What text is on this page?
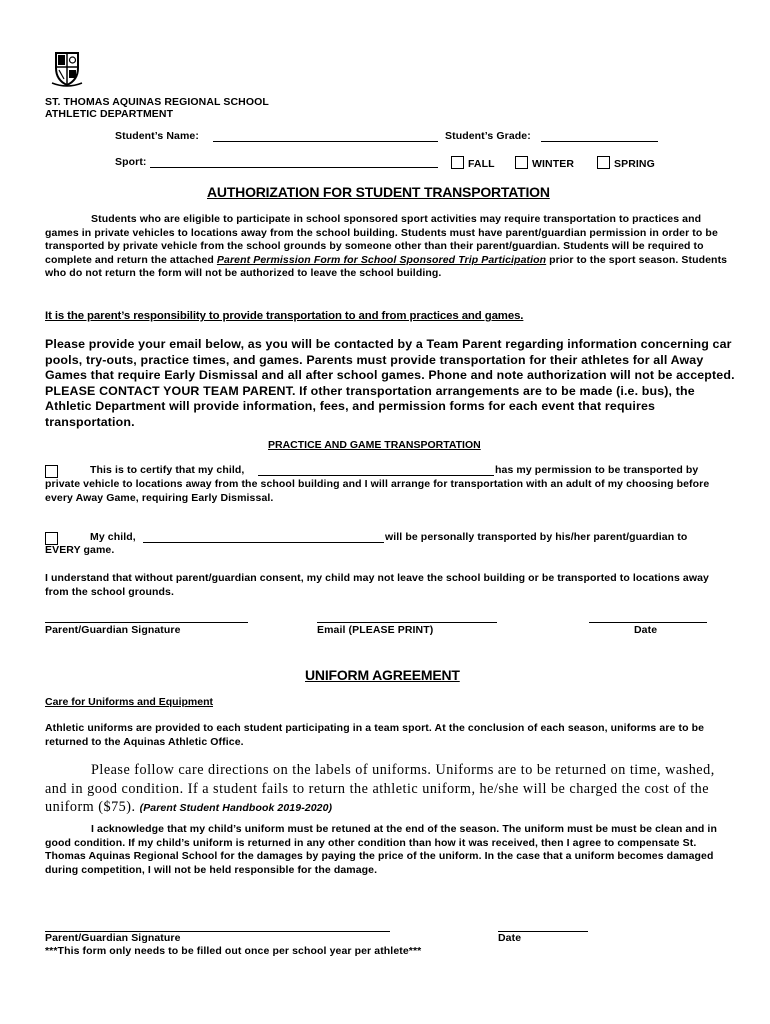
ST. THOMAS AQUINAS REGIONAL SCHOOL
ATHLETIC DEPARTMENT
Student’s Name:	Student’s Grade:
Sport:	FALL	WINTER	SPRING
AUTHORIZATION FOR STUDENT TRANSPORTATION
Students who are eligible to participate in school sponsored sport activities may require transportation to practices and games in private vehicles to locations away from the school building. Students must have parent/guardian permission in order to be transported by private vehicle from the school grounds by someone other than their parent/guardian. Students will be required to complete and return the attached Parent Permission Form for School Sponsored Trip Participation prior to the sport season. Students who do not return the form will not be authorized to leave the school building.
It is the parent’s responsibility to provide transportation to and from practices and games.
Please provide your email below, as you will be contacted by a Team Parent regarding information concerning car pools, try-outs, practice times, and games. Parents must provide transportation for their athletes for all Away Games that require Early Dismissal and all after school games. Phone and note authorization will not be accepted. PLEASE CONTACT YOUR TEAM PARENT. If other transportation arrangements are to be made (i.e. bus), the Athletic Department will provide information, fees, and permission forms for each event that requires transportation.
PRACTICE AND GAME TRANSPORTATION
This is to certify that my child,	has my permission to be transported by
private vehicle to locations away from the school building and I will arrange for transportation with an adult of my choosing before every Away Game, requiring Early Dismissal.
My child,	will be personally transported by his/her parent/guardian to
EVERY game.
I understand that without parent/guardian consent, my child may not leave the school building or be transported to locations away from the school grounds.
Parent/Guardian Signature	Email (PLEASE PRINT)	Date
UNIFORM AGREEMENT
Care for Uniforms and Equipment
Athletic uniforms are provided to each student participating in a team sport. At the conclusion of each season, uniforms are to be returned to the Aquinas Athletic Office.
Please follow care directions on the labels of uniforms. Uniforms are to be returned on time, washed, and in good condition. If a student fails to return the athletic uniform, he/she will be charged the cost of the uniform ($75). (Parent Student Handbook 2019-2020)
I acknowledge that my child’s uniform must be retuned at the end of the season. The uniform must be must be clean and in good condition. If my child’s uniform is returned in any other condition than how it was received, then I agree to compensate St. Thomas Aquinas Regional School for the damages by paying the price of the uniform. In the case that a uniform becomes damaged during competition, I will not be held responsible for the damage.
Parent/Guardian Signature	Date
***This form only needs to be filled out once per school year per athlete***
